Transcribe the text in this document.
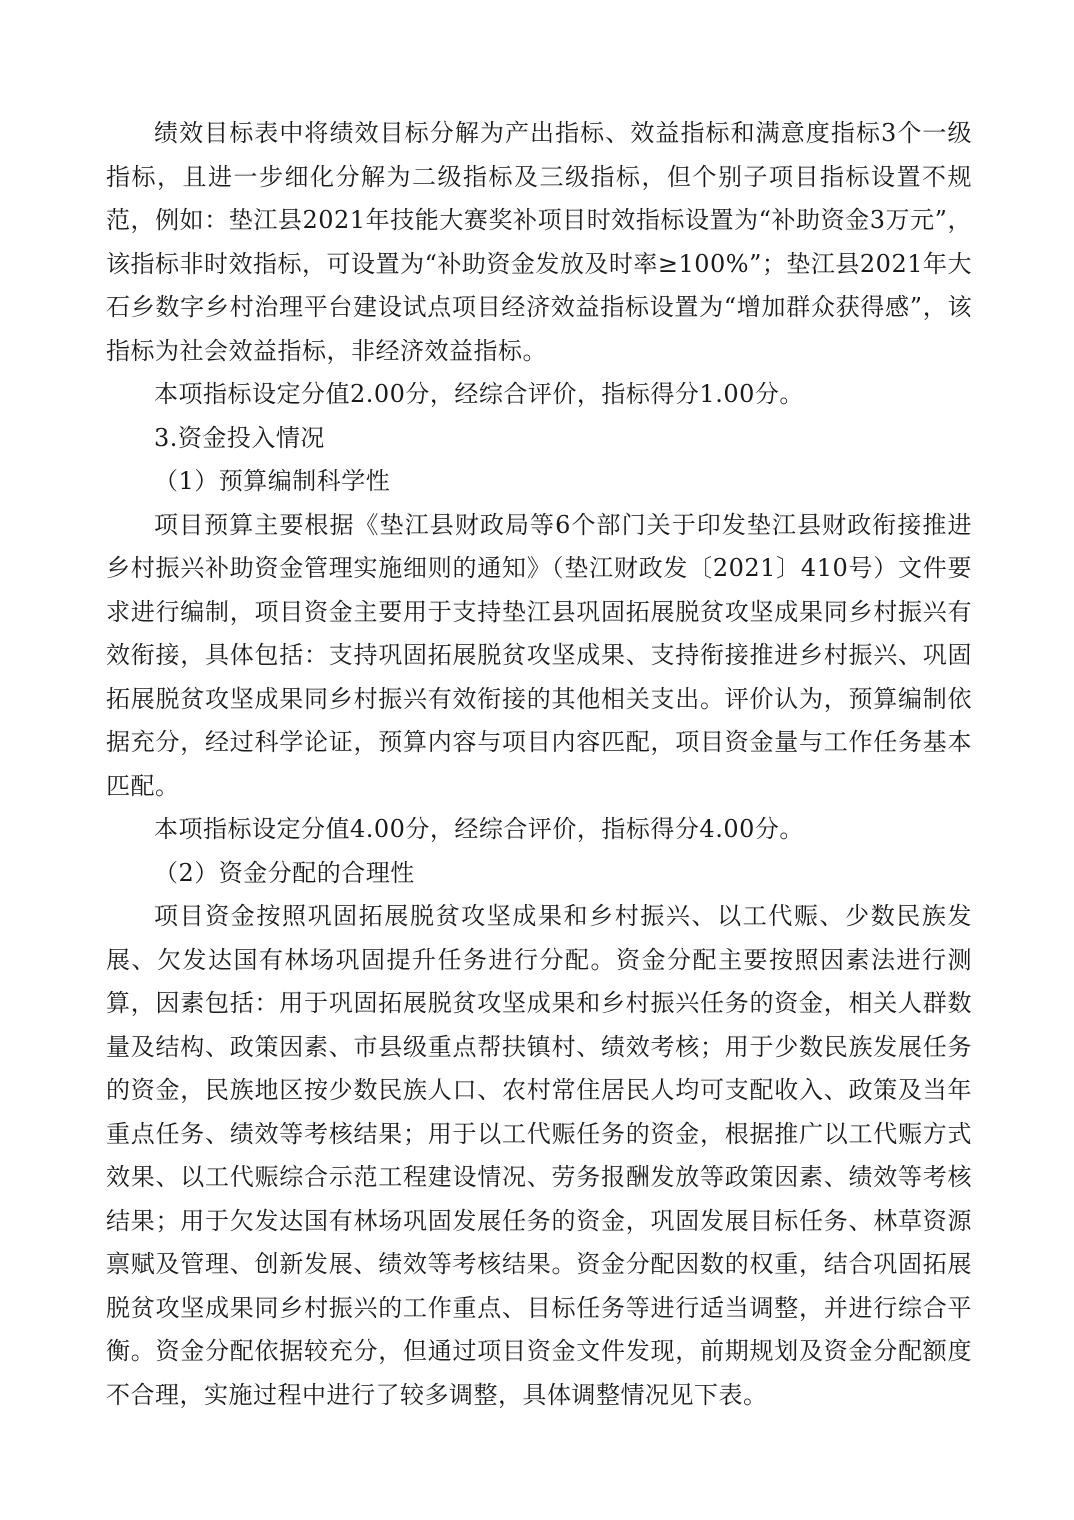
绩效目标表中将绩效目标分解为产出指标、效益指标和满意度指标3个一级指标，且进一步细化分解为二级指标及三级指标，但个别子项目指标设置不规范，例如：垫江县2021年技能大赛奖补项目时效指标设置为“补助资金3万元”，该指标非时效指标，可设置为“补助资金发放及时率≥100%”；垫江县2021年大石乡数字乡村治理平台建设试点项目经济效益指标设置为“增加群众获得感”，该指标为社会效益指标，非经济效益指标。

本项指标设定分值2.00分，经综合评价，指标得分1.00分。

3.资金投入情况

（1）预算编制科学性

项目预算主要根据《垫江县财政局等6个部门关于印发垫江县财政衔接推进乡村振兴补助资金管理实施细则的通知》（垫江财政发〔2021〕410号）文件要求进行编制，项目资金主要用于支持垫江县巩固拓展脱贫攻坚成果同乡村振兴有效衔接，具体包括：支持巩固拓展脱贫攻坚成果、支持衔接推进乡村振兴、巩固拓展脱贫攻坚成果同乡村振兴有效衔接的其他相关支出。评价认为，预算编制依据充分，经过科学论证，预算内容与项目内容匹配，项目资金量与工作任务基本匹配。

本项指标设定分值4.00分，经综合评价，指标得分4.00分。

（2）资金分配的合理性

项目资金按照巩固拓展脱贫攻坚成果和乡村振兴、以工代赈、少数民族发展、欠发达国有林场巩固提升任务进行分配。资金分配主要按照因素法进行测算，因素包括：用于巩固拓展脱贫攻坚成果和乡村振兴任务的资金，相关人群数量及结构、政策因素、市县级重点帮扶镇村、绩效考核；用于少数民族发展任务的资金，民族地区按少数民族人口、农村常住居民人均可支配收入、政策及当年重点任务、绩效等考核结果；用于以工代赈任务的资金，根据推广以工代赈方式效果、以工代赈综合示范工程建设情况、劳务报酬发放等政策因素、绩效等考核结果；用于欠发达国有林场巩固发展任务的资金，巩固发展目标任务、林草资源禀赋及管理、创新发展、绩效等考核结果。资金分配因数的权重，结合巩固拓展脱贫攻坚成果同乡村振兴的工作重点、目标任务等进行适当调整，并进行综合平衡。资金分配依据较充分，但通过项目资金文件发现，前期规划及资金分配额度不合理，实施过程中进行了较多调整，具体调整情况见下表。
